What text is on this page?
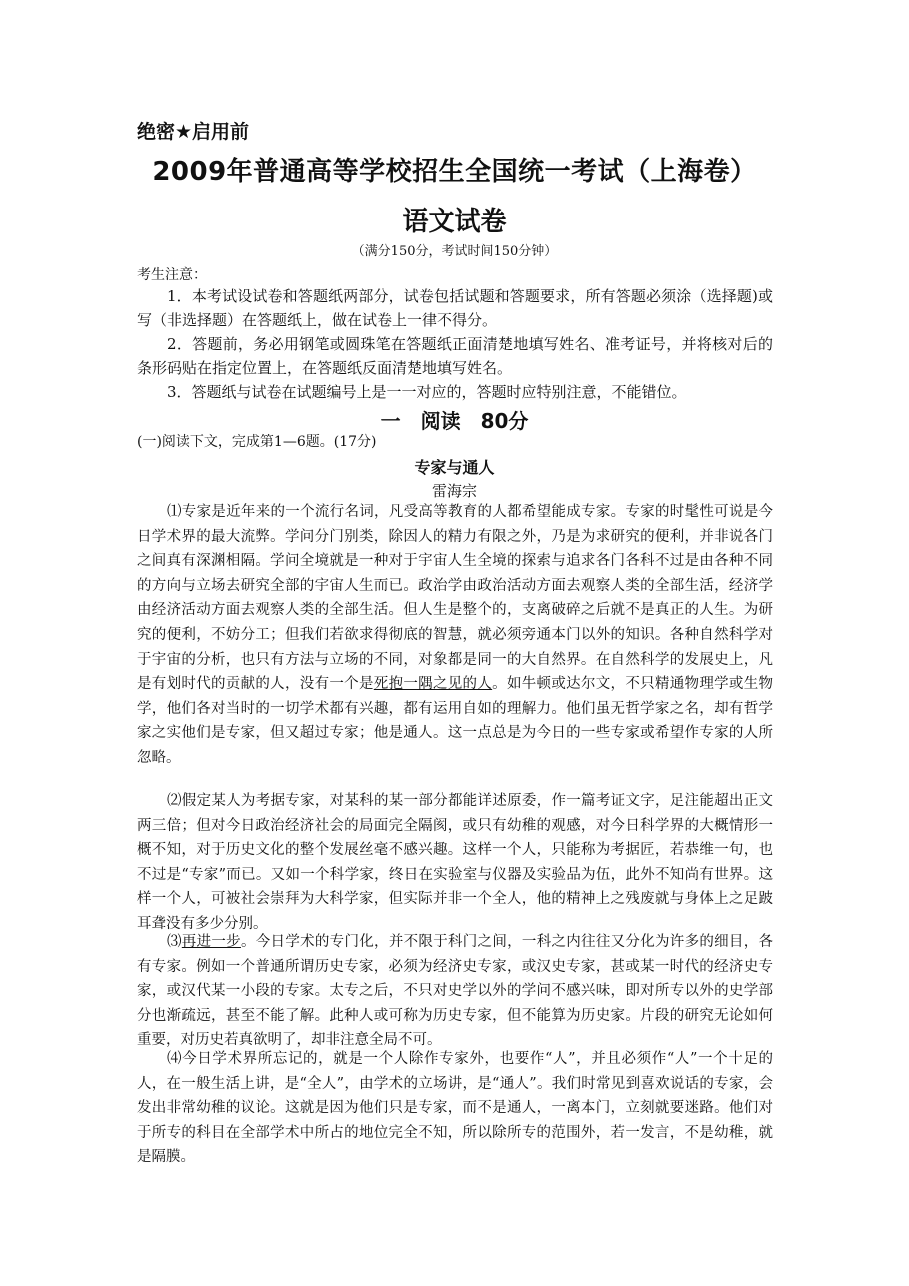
绝密★启用前
2009年普通高等学校招生全国统一考试（上海卷）
语文试卷
（满分150分，考试时间150分钟）
考生注意：
1．本考试设试卷和答题纸两部分，试卷包括试题和答题要求，所有答题必须涂（选择题)或写（非选择题）在答题纸上，做在试卷上一律不得分。
2．答题前，务必用钢笔或圆珠笔在答题纸正面清楚地填写姓名、准考证号，并将核对后的条形码贴在指定位置上，在答题纸反面清楚地填写姓名。
3．答题纸与试卷在试题编号上是一一对应的，答题时应特别注意，不能错位。
一　阅读　80分
(一)阅读下文，完成第1—6题。(17分)
专家与通人
雷海宗
⑴专家是近年来的一个流行名词，凡受高等教育的人都希望能成专家。专家的时髦性可说是今日学术界的最大流弊。学问分门别类，除因人的精力有限之外，乃是为求研究的便利，并非说各门之间真有深渊相隔。学问全境就是一种对于宇宙人生全境的探索与追求各门各科不过是由各种不同的方向与立场去研究全部的宇宙人生而已。政治学由政治活动方面去观察人类的全部生活，经济学由经济活动方面去观察人类的全部生活。但人生是整个的，支离破碎之后就不是真正的人生。为研究的便利，不妨分工；但我们若欲求得彻底的智慧，就必须旁通本门以外的知识。各种自然科学对于宇宙的分析，也只有方法与立场的不同，对象都是同一的大自然界。在自然科学的发展史上，凡是有划时代的贡献的人，没有一个是死抱一隅之见的人。如牛顿或达尔文，不只精通物理学或生物学，他们各对当时的一切学术都有兴趣，都有运用自如的理解力。他们虽无哲学家之名，却有哲学家之实他们是专家，但又超过专家；他是通人。这一点总是为今日的一些专家或希望作专家的人所忽略。
⑵假定某人为考据专家，对某科的某一部分都能详述原委，作一篇考证文字，足注能超出正文两三倍；但对今日政治经济社会的局面完全隔阂，或只有幼稚的观感，对今日科学界的大概情形一概不知，对于历史文化的整个发展丝毫不感兴趣。这样一个人，只能称为考据匠，若恭维一句，也不过是“专家”而已。又如一个科学家，终日在实验室与仪器及实验品为伍，此外不知尚有世界。这样一个人，可被社会崇拜为大科学家，但实际并非一个全人，他的精神上之残废就与身体上之足跛耳聋没有多少分别。
⑶再进一步。今日学术的专门化，并不限于科门之间，一科之内往往又分化为许多的细目，各有专家。例如一个普通所谓历史专家，必须为经济史专家，或汉史专家，甚或某一时代的经济史专家，或汉代某一小段的专家。太专之后，不只对史学以外的学问不感兴味，即对所专以外的史学部分也渐疏远，甚至不能了解。此种人或可称为历史专家，但不能算为历史家。片段的研究无论如何重要，对历史若真欲明了，却非注意全局不可。
⑷今日学术界所忘记的，就是一个人除作专家外，也要作“人”，并且必须作“人”一个十足的人，在一般生活上讲，是“全人”，由学术的立场讲，是“通人”。我们时常见到喜欢说话的专家，会发出非常幼稚的议论。这就是因为他们只是专家，而不是通人，一离本门，立刻就要迷路。他们对于所专的科目在全部学术中所占的地位完全不知，所以除所专的范围外，若一发言，不是幼稚，就是隔膜。
